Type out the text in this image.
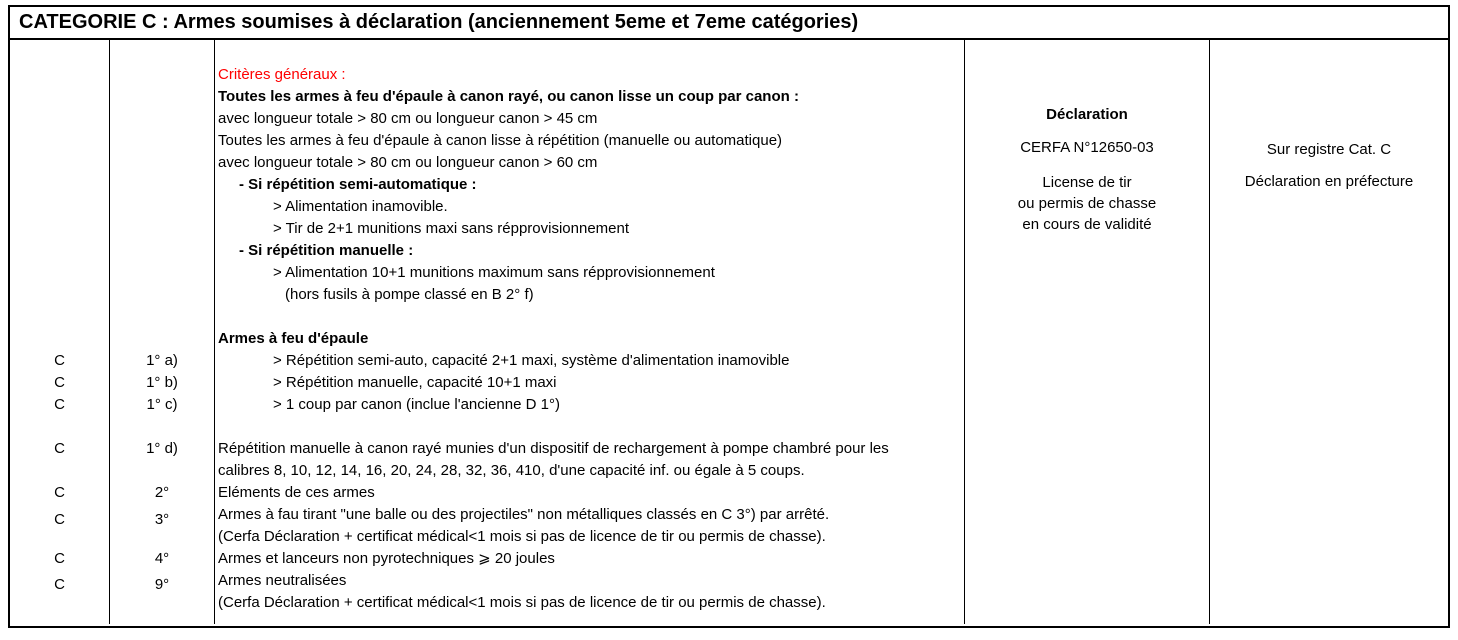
CATEGORIE C : Armes soumises à déclaration (anciennement 5eme et 7eme catégories)
C
C
C
C
C
C
C
C
1° a)
1° b)
1° c)
1° d)
2°
3°
4°
9°
Critères généraux :
Toutes les armes à feu d'épaule à canon rayé, ou canon lisse un coup par canon :
avec longueur totale > 80 cm ou longueur canon > 45 cm
Toutes les armes à feu d'épaule à canon lisse à répétition (manuelle ou automatique)
avec longueur totale > 80 cm ou longueur canon > 60 cm
- Si répétition semi-automatique :
> Alimentation inamovible.
> Tir de 2+1 munitions maxi sans répprovisionnement
- Si répétition manuelle :
> Alimentation 10+1 munitions maximum sans répprovisionnement
(hors fusils à pompe classé en B 2° f)
Armes à feu d'épaule
> Répétition semi-auto, capacité 2+1 maxi, système d'alimentation inamovible
> Répétition manuelle, capacité 10+1 maxi
> 1 coup par canon (inclue l'ancienne D 1°)
Répétition manuelle à canon rayé munies d'un dispositif de rechargement à pompe chambré pour les
calibres 8, 10, 12, 14, 16, 20, 24, 28, 32, 36, 410, d'une capacité inf. ou égale à 5 coups.
Eléments de ces armes
Armes à fau tirant "une balle ou des projectiles" non métalliques classés en C 3°) par arrêté.
(Cerfa Déclaration + certificat médical<1 mois si pas de licence de tir ou permis de chasse).
Armes et lanceurs non pyrotechniques ⩾ 20 joules
Armes neutralisées
(Cerfa Déclaration + certificat médical<1 mois si pas de licence de tir ou permis de chasse).
Déclaration
CERFA N°12650-03
License de tir
ou permis de chasse
en cours de validité
Sur registre Cat. C
Déclaration en préfecture
